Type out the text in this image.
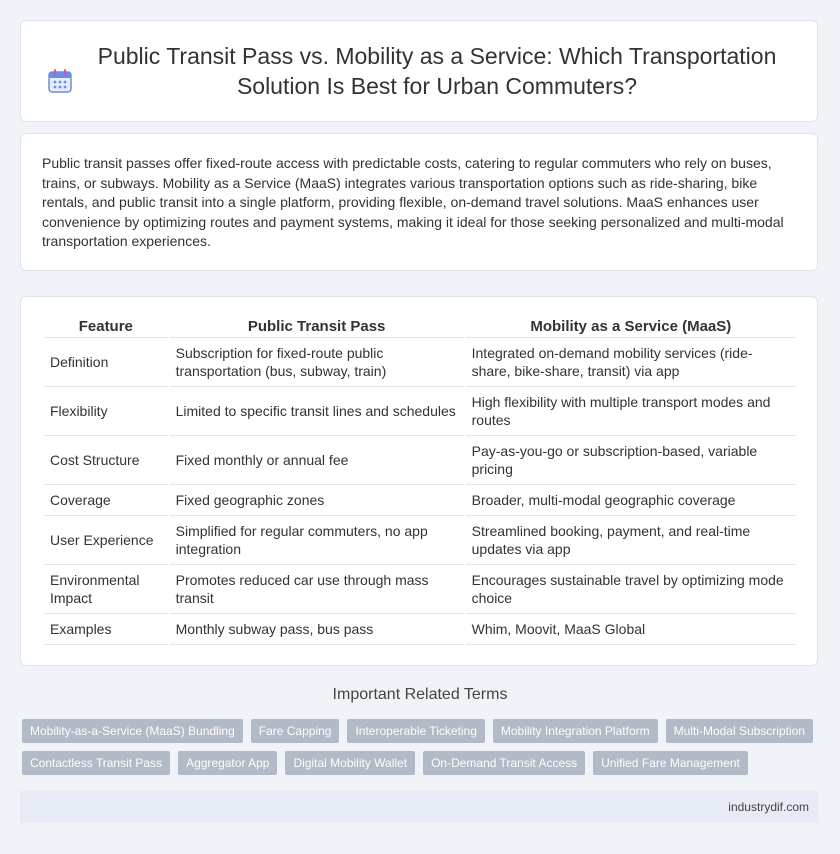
Public Transit Pass vs. Mobility as a Service: Which Transportation Solution Is Best for Urban Commuters?

Public transit passes offer fixed-route access with predictable costs, catering to regular commuters who rely on buses, trains, or subways. Mobility as a Service (MaaS) integrates various transportation options such as ride-sharing, bike rentals, and public transit into a single platform, providing flexible, on-demand travel solutions. MaaS enhances user convenience by optimizing routes and payment systems, making it ideal for those seeking personalized and multi-modal transportation experiences.

Feature	Public Transit Pass	Mobility as a Service (MaaS)
Definition	Subscription for fixed-route public transportation (bus, subway, train)	Integrated on-demand mobility services (ride-share, bike-share, transit) via app
Flexibility	Limited to specific transit lines and schedules	High flexibility with multiple transport modes and routes
Cost Structure	Fixed monthly or annual fee	Pay-as-you-go or subscription-based, variable pricing
Coverage	Fixed geographic zones	Broader, multi-modal geographic coverage
User Experience	Simplified for regular commuters, no app integration	Streamlined booking, payment, and real-time updates via app
Environmental Impact	Promotes reduced car use through mass transit	Encourages sustainable travel by optimizing mode choice
Examples	Monthly subway pass, bus pass	Whim, Moovit, MaaS Global
Important Related Terms
Mobility-as-a-Service (MaaS) Bundling	Fare Capping	Interoperable Ticketing	Mobility Integration Platform	Multi-Modal Subscription
Contactless Transit Pass	Aggregator App	Digital Mobility Wallet	On-Demand Transit Access	Unified Fare Management
industrydif.com
